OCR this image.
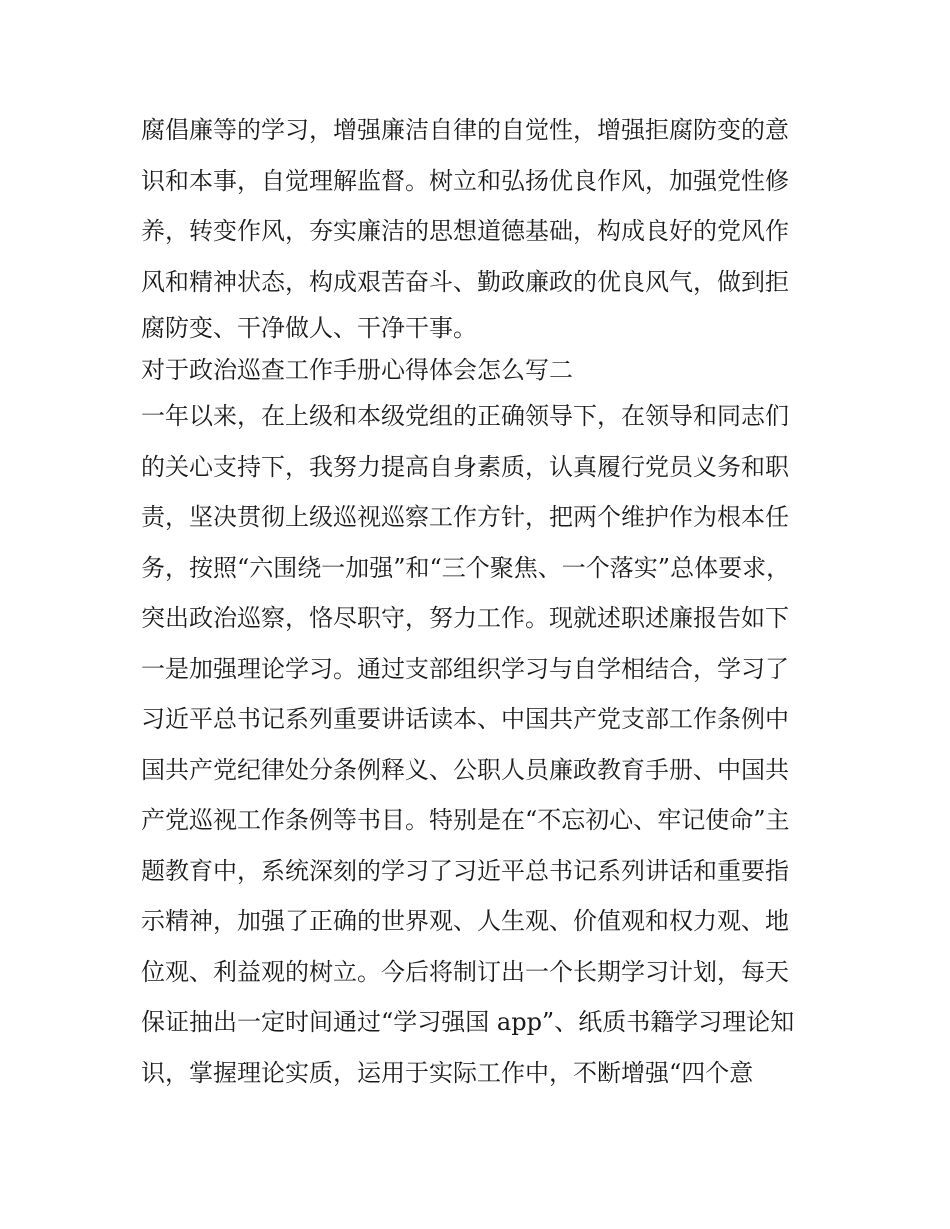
腐倡廉等的学习，增强廉洁自律的自觉性，增强拒腐防变的意
识和本事，自觉理解监督。树立和弘扬优良作风，加强党性修
养，转变作风，夯实廉洁的思想道德基础，构成良好的党风作
风和精神状态，构成艰苦奋斗、勤政廉政的优良风气，做到拒
腐防变、干净做人、干净干事。
对于政治巡查工作手册心得体会怎么写二
一年以来，在上级和本级党组的正确领导下，在领导和同志们
的关心支持下，我努力提高自身素质，认真履行党员义务和职
责，坚决贯彻上级巡视巡察工作方针，把两个维护作为根本任
务，按照“六围绕一加强”和“三个聚焦、一个落实”总体要求，
突出政治巡察，恪尽职守，努力工作。现就述职述廉报告如下
一是加强理论学习。通过支部组织学习与自学相结合，学习了
习近平总书记系列重要讲话读本、中国共产党支部工作条例中
国共产党纪律处分条例释义、公职人员廉政教育手册、中国共
产党巡视工作条例等书目。特别是在“不忘初心、牢记使命”主
题教育中，系统深刻的学习了习近平总书记系列讲话和重要指
示精神，加强了正确的世界观、人生观、价值观和权力观、地
位观、利益观的树立。今后将制订出一个长期学习计划，每天
保证抽出一定时间通过“学习强国 app”、纸质书籍学习理论知
识，掌握理论实质，运用于实际工作中，不断增强“四个意
